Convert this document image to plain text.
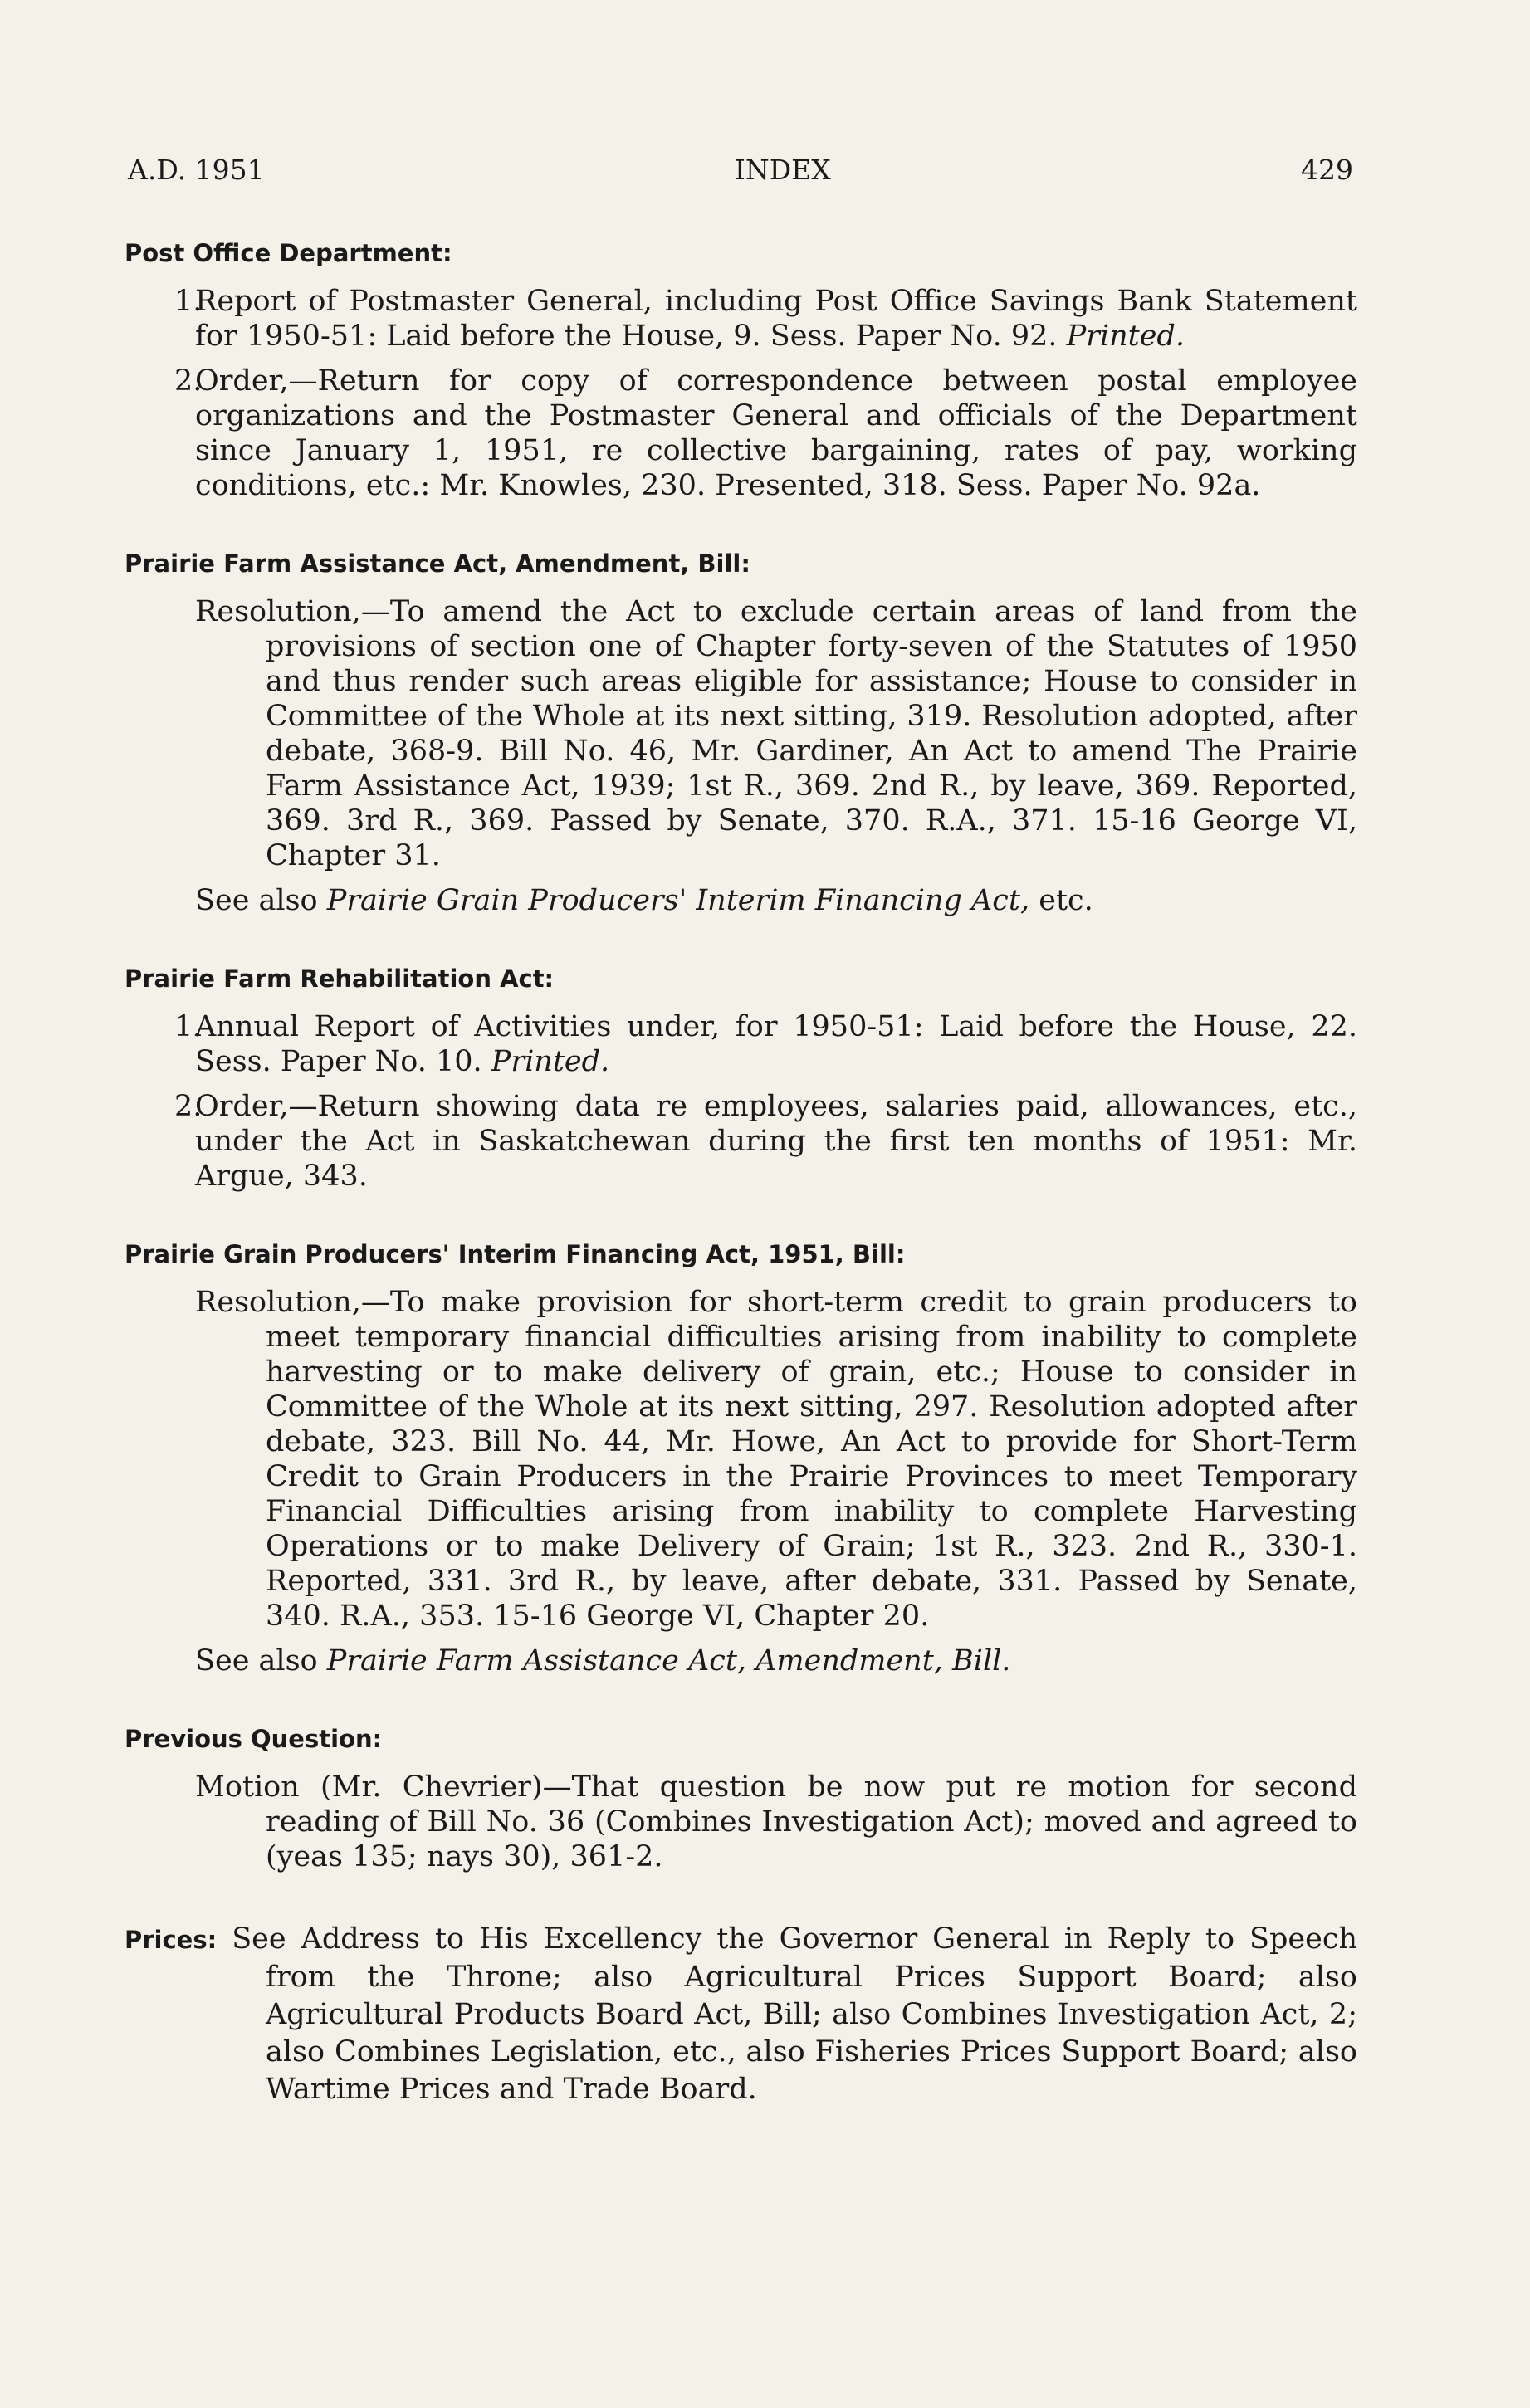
A.D. 1951	INDEX	429
Post Office Department:
1.
Report of Postmaster General, including Post Office Savings Bank Statement for 1950-51: Laid before the House, 9. Sess. Paper No. 92. Printed.
2.
Order,—Return for copy of correspondence between postal employee organizations and the Postmaster General and officials of the Department since January 1, 1951, re collective bargaining, rates of pay, working conditions, etc.: Mr. Knowles, 230. Presented, 318. Sess. Paper No. 92a.
Prairie Farm Assistance Act, Amendment, Bill:

Resolution,—To amend the Act to exclude certain areas of land from the provisions of section one of Chapter forty-seven of the Statutes of 1950 and thus render such areas eligible for assistance; House to consider in Committee of the Whole at its next sitting, 319. Resolution adopted, after debate, 368-9. Bill No. 46, Mr. Gardiner, An Act to amend The Prairie Farm Assistance Act, 1939; 1st R., 369. 2nd R., by leave, 369. Reported, 369. 3rd R., 369. Passed by Senate, 370. R.A., 371. 15-16 George VI, Chapter 31.

See also Prairie Grain Producers' Interim Financing Act, etc.
Prairie Farm Rehabilitation Act:
1.
Annual Report of Activities under, for 1950-51: Laid before the House, 22. Sess. Paper No. 10. Printed.
2.
Order,—Return showing data re employees, salaries paid, allowances, etc., under the Act in Saskatchewan during the first ten months of 1951: Mr. Argue, 343.
Prairie Grain Producers' Interim Financing Act, 1951, Bill:

Resolution,—To make provision for short-term credit to grain producers to meet temporary financial difficulties arising from inability to complete harvesting or to make delivery of grain, etc.; House to consider in Committee of the Whole at its next sitting, 297. Resolution adopted after debate, 323. Bill No. 44, Mr. Howe, An Act to provide for Short-Term Credit to Grain Producers in the Prairie Provinces to meet Temporary Financial Difficulties arising from inability to complete Harvesting Operations or to make Delivery of Grain; 1st R., 323. 2nd R., 330-1. Reported, 331. 3rd R., by leave, after debate, 331. Passed by Senate, 340. R.A., 353. 15-16 George VI, Chapter 20.

See also Prairie Farm Assistance Act, Amendment, Bill.
Previous Question:

Motion (Mr. Chevrier)—That question be now put re motion for second reading of Bill No. 36 (Combines Investigation Act); moved and agreed to (yeas 135; nays 30), 361-2.

Prices: See Address to His Excellency the Governor General in Reply to Speech from the Throne; also Agricultural Prices Support Board; also Agricultural Products Board Act, Bill; also Combines Investigation Act, 2; also Combines Legislation, etc., also Fisheries Prices Support Board; also Wartime Prices and Trade Board.
